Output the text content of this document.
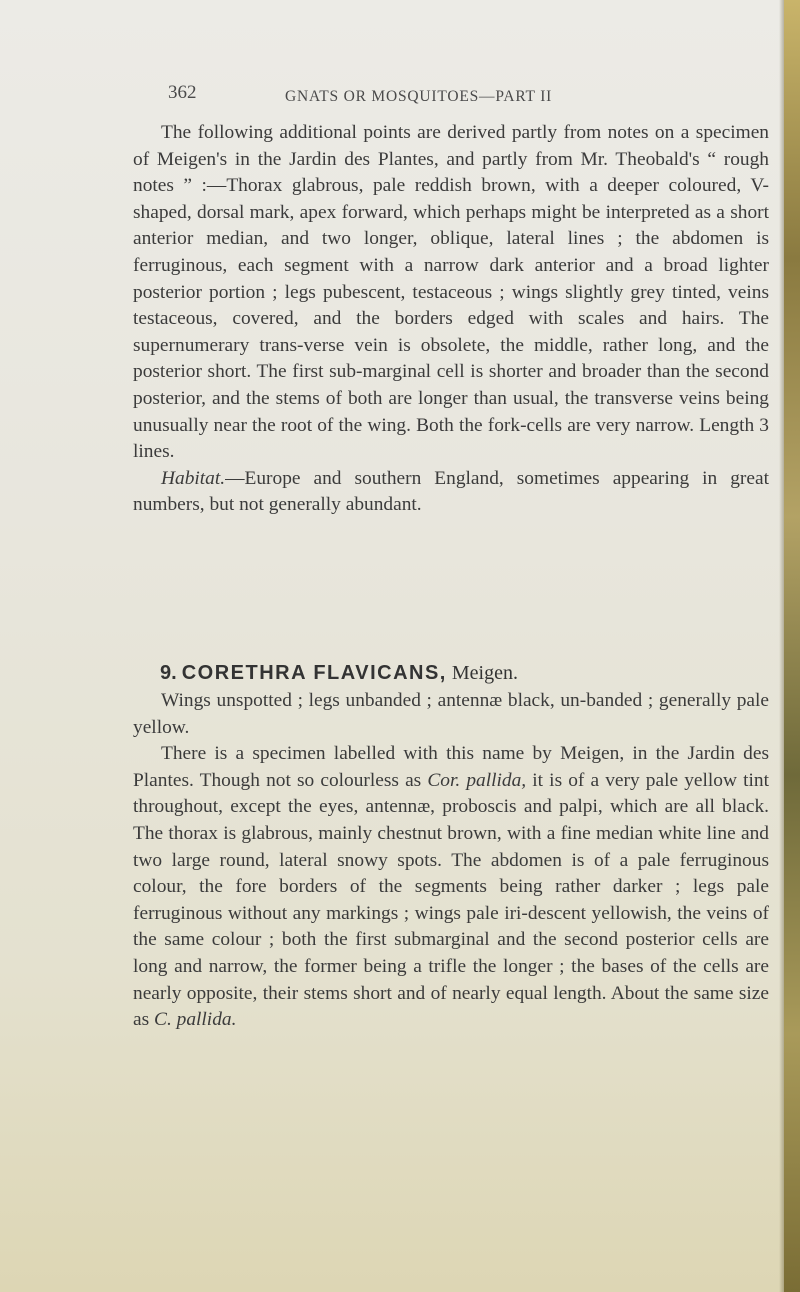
362	GNATS OR MOSQUITOES—PART II

The following additional points are derived partly from notes on a specimen of Meigen's in the Jardin des Plantes, and partly from Mr. Theobald's “ rough notes ” :—Thorax glabrous, pale reddish brown, with a deeper coloured, V-shaped, dorsal mark, apex forward, which perhaps might be interpreted as a short anterior median, and two longer, oblique, lateral lines ; the abdomen is ferruginous, each segment with a narrow dark anterior and a broad lighter posterior portion ; legs pubescent, testaceous ; wings slightly grey tinted, veins testaceous, covered, and the borders edged with scales and hairs. The supernumerary trans-verse vein is obsolete, the middle, rather long, and the posterior short. The first sub-marginal cell is shorter and broader than the second posterior, and the stems of both are longer than usual, the transverse veins being unusually near the root of the wing. Both the fork-cells are very narrow. Length 3 lines.

Habitat.—Europe and southern England, sometimes appearing in great numbers, but not generally abundant.

9. CORETHRA FLAVICANS, Meigen.

Wings unspotted ; legs unbanded ; antennæ black, un-banded ; generally pale yellow.

There is a specimen labelled with this name by Meigen, in the Jardin des Plantes. Though not so colourless as Cor. pallida, it is of a very pale yellow tint throughout, except the eyes, antennæ, proboscis and palpi, which are all black. The thorax is glabrous, mainly chestnut brown, with a fine median white line and two large round, lateral snowy spots. The abdomen is of a pale ferruginous colour, the fore borders of the segments being rather darker ; legs pale ferruginous without any markings ; wings pale iri-descent yellowish, the veins of the same colour ; both the first submarginal and the second posterior cells are long and narrow, the former being a trifle the longer ; the bases of the cells are nearly opposite, their stems short and of nearly equal length. About the same size as C. pallida.
